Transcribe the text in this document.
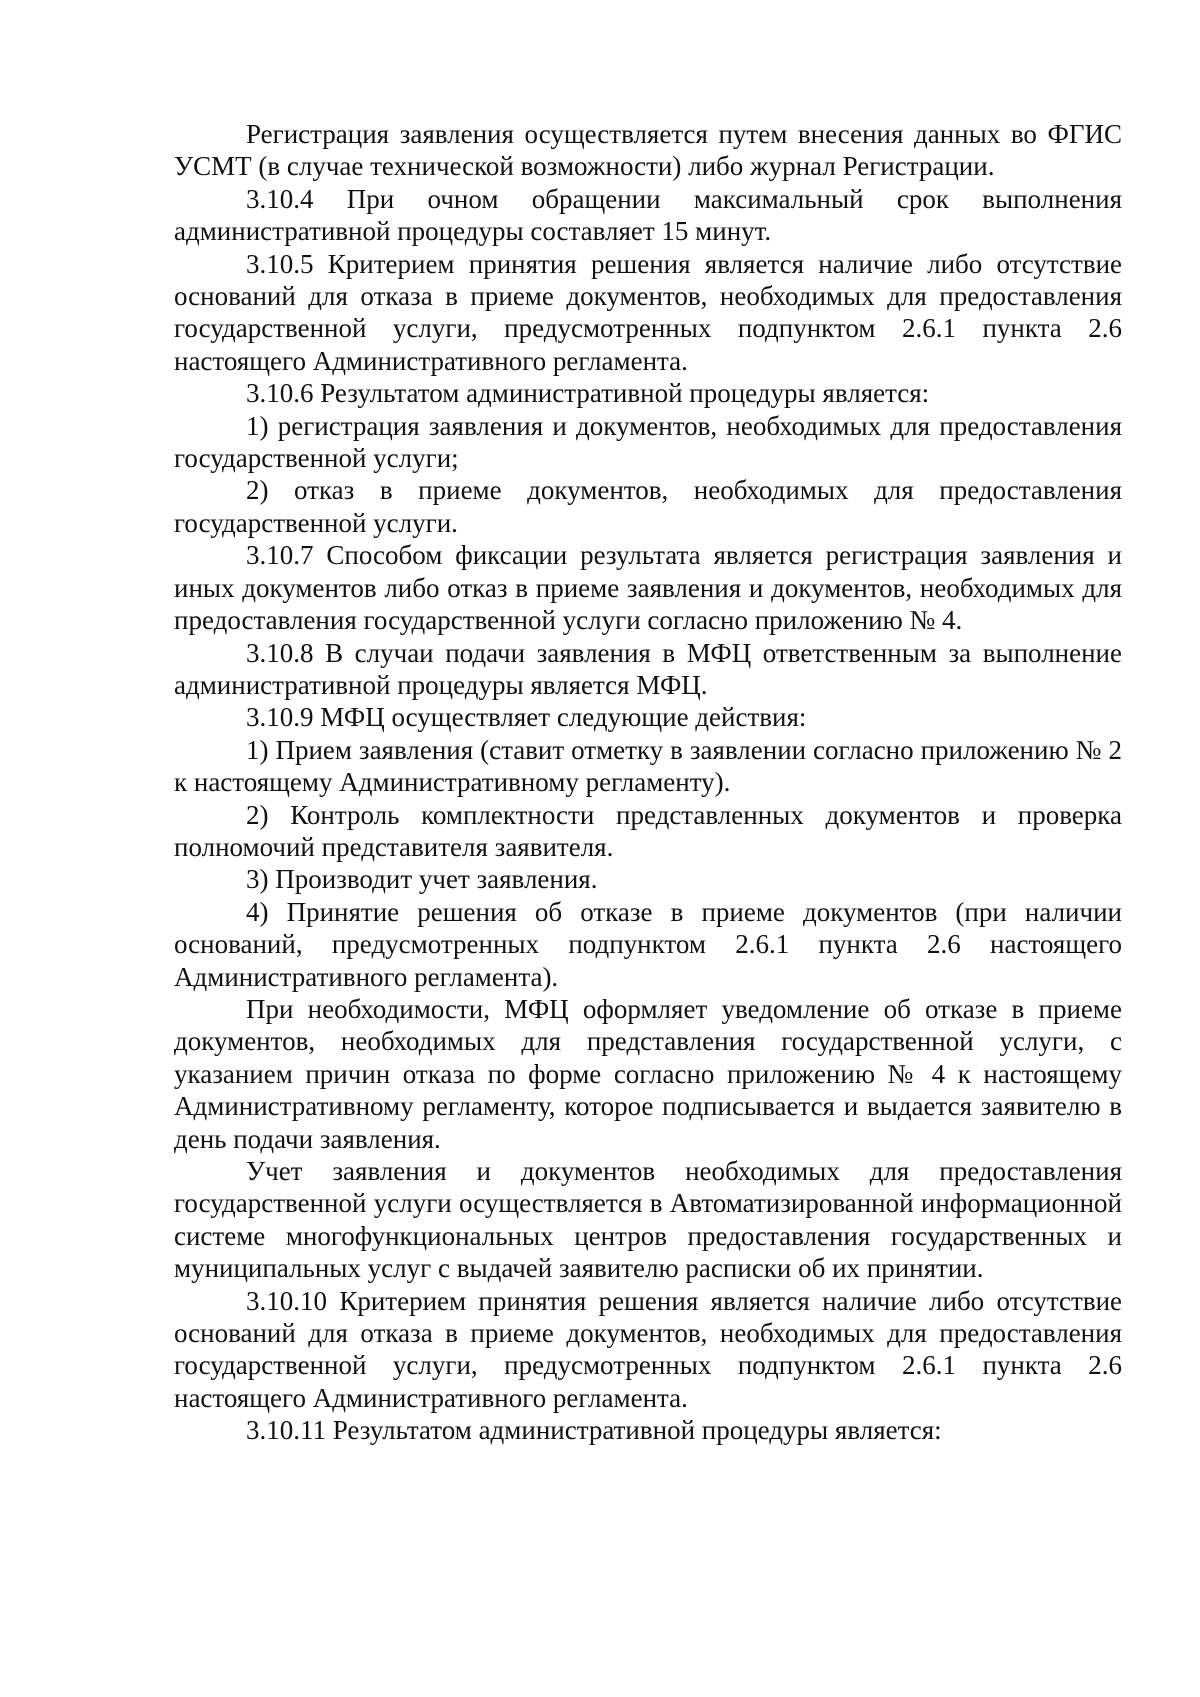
Регистрация заявления осуществляется путем внесения данных во ФГИС УСМТ (в случае технической возможности) либо журнал Регистрации.

3.10.4 При очном обращении максимальный срок выполнения административной процедуры составляет 15 минут.

3.10.5 Критерием принятия решения является наличие либо отсутствие оснований для отказа в приеме документов, необходимых для предоставления государственной услуги, предусмотренных подпунктом 2.6.1 пункта 2.6 настоящего Административного регламента.

3.10.6 Результатом административной процедуры является:

1) регистрация заявления и документов, необходимых для предоставления государственной услуги;

2) отказ в приеме документов, необходимых для предоставления государственной услуги.

3.10.7 Способом фиксации результата является регистрация заявления и иных документов либо отказ в приеме заявления и документов, необходимых для предоставления государственной услуги согласно приложению № 4.

3.10.8 В случаи подачи заявления в МФЦ ответственным за выполнение административной процедуры является МФЦ.

3.10.9 МФЦ осуществляет следующие действия:

1) Прием заявления (ставит отметку в заявлении согласно приложению № 2 к настоящему Административному регламенту).

2) Контроль комплектности представленных документов и проверка полномочий представителя заявителя.

3) Производит учет заявления.

4) Принятие решения об отказе в приеме документов (при наличии оснований, предусмотренных подпунктом 2.6.1 пункта 2.6 настоящего Административного регламента).

При необходимости, МФЦ оформляет уведомление об отказе в приеме документов, необходимых для представления государственной услуги, с указанием причин отказа по форме согласно приложению № 4 к настоящему Административному регламенту, которое подписывается и выдается заявителю в день подачи заявления.

Учет заявления и документов необходимых для предоставления государственной услуги осуществляется в Автоматизированной информационной системе многофункциональных центров предоставления государственных и муниципальных услуг с выдачей заявителю расписки об их принятии.

3.10.10 Критерием принятия решения является наличие либо отсутствие оснований для отказа в приеме документов, необходимых для предоставления государственной услуги, предусмотренных подпунктом 2.6.1 пункта 2.6 настоящего Административного регламента.

3.10.11 Результатом административной процедуры является:
